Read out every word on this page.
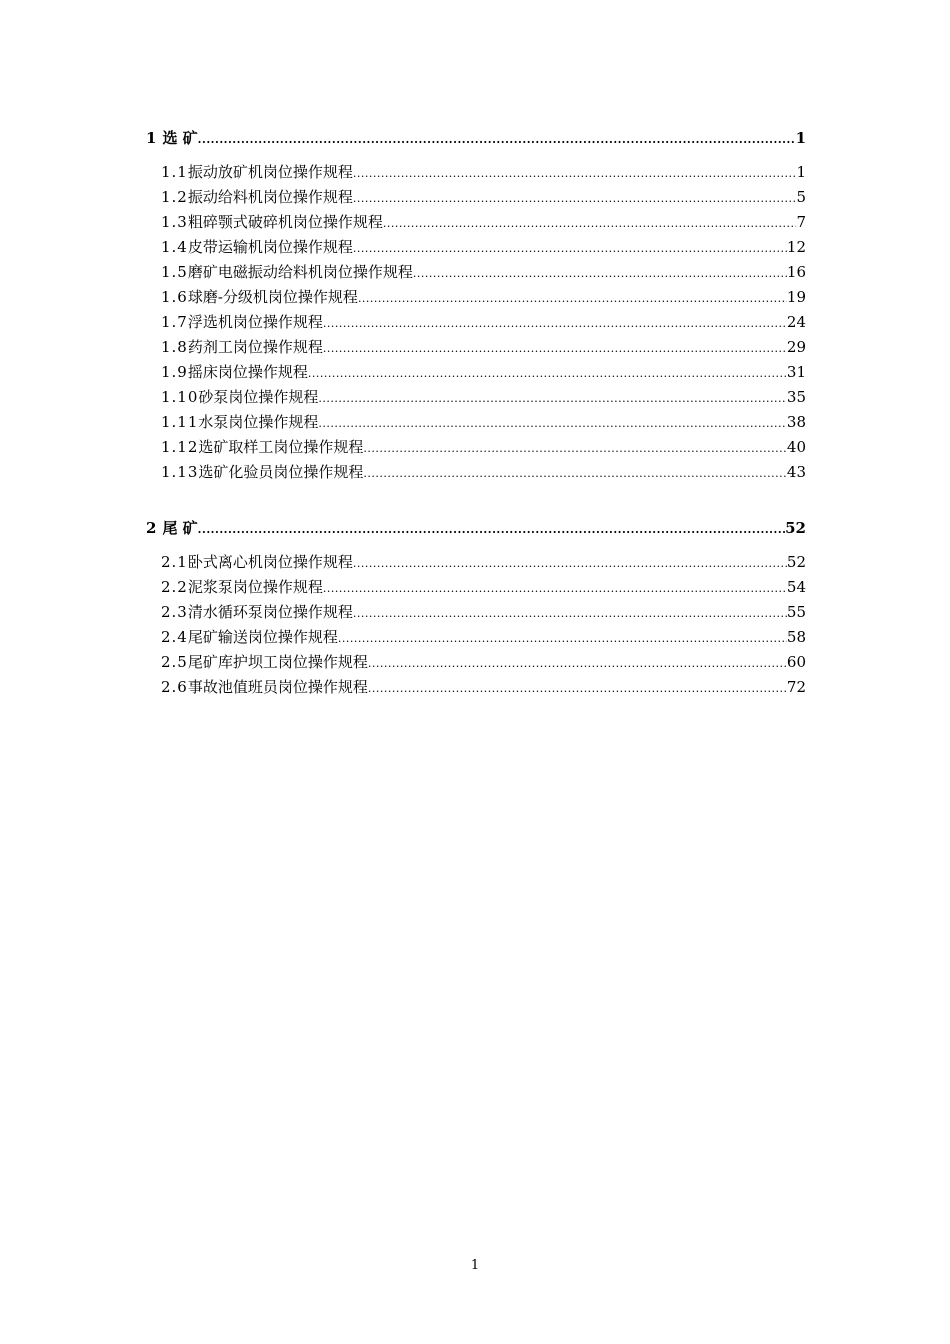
1 选 矿 .....	1
1.1 振动放矿机岗位操作规程 .....	1
1.2 振动给料机岗位操作规程 .....	5
1.3 粗碎颚式破碎机岗位操作规程 .....	7
1.4 皮带运输机岗位操作规程 .....	12
1.5 磨矿电磁振动给料机岗位操作规程 .....	16
1.6 球磨-分级机岗位操作规程 .....	19
1.7 浮选机岗位操作规程 .....	24
1.8 药剂工岗位操作规程 .....	29
1.9 摇床岗位操作规程 .....	31
1.10 砂泵岗位操作规程 .....	35
1.11 水泵岗位操作规程 .....	38
1.12 选矿取样工岗位操作规程 .....	40
1.13 选矿化验员岗位操作规程 .....	43
2 尾 矿 .....	52
2.1 卧式离心机岗位操作规程 .....	52
2.2 泥浆泵岗位操作规程 .....	54
2.3 清水循环泵岗位操作规程 .....	55
2.4 尾矿输送岗位操作规程 .....	58
2.5 尾矿库护坝工岗位操作规程 .....	60
2.6 事故池值班员岗位操作规程 .....	72
1
